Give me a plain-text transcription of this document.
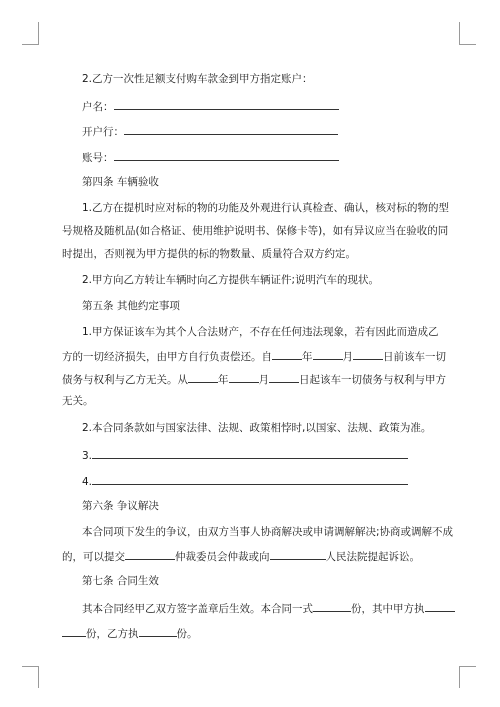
2.乙方一次性足额支付购车款金到甲方指定账户：
户名：
开户行：
账号：
第四条 车辆验收
1.乙方在提机时应对标的物的功能及外观进行认真检查、确认，核对标的物的型
号规格及随机品(如合格证、使用维护说明书、保修卡等)，如有异议应当在验收的同
时提出，否则视为甲方提供的标的物数量、质量符合双方约定。
2.甲方向乙方转让车辆时向乙方提供车辆证件;说明汽车的现状。
第五条 其他约定事项
1.甲方保证该车为其个人合法财产，不存在任何违法现象，若有因此而造成乙
方的一切经济损失，由甲方自行负责偿还。自	年	月	日前该车一切
债务与权利与乙方无关。从	年	月	日起该车一切债务与权利与甲方
无关。
2.本合同条款如与国家法律、法规、政策相悖时,以国家、法规、政策为准。
3.
4.
第六条 争议解决
本合同项下发生的争议，由双方当事人协商解决或申请调解解决;协商或调解不成
的，可以提交	仲裁委员会仲裁或向	人民法院提起诉讼。
第七条 合同生效
其本合同经甲乙双方签字盖章后生效。本合同一式	份，其中甲方执
份，乙方执	份。
